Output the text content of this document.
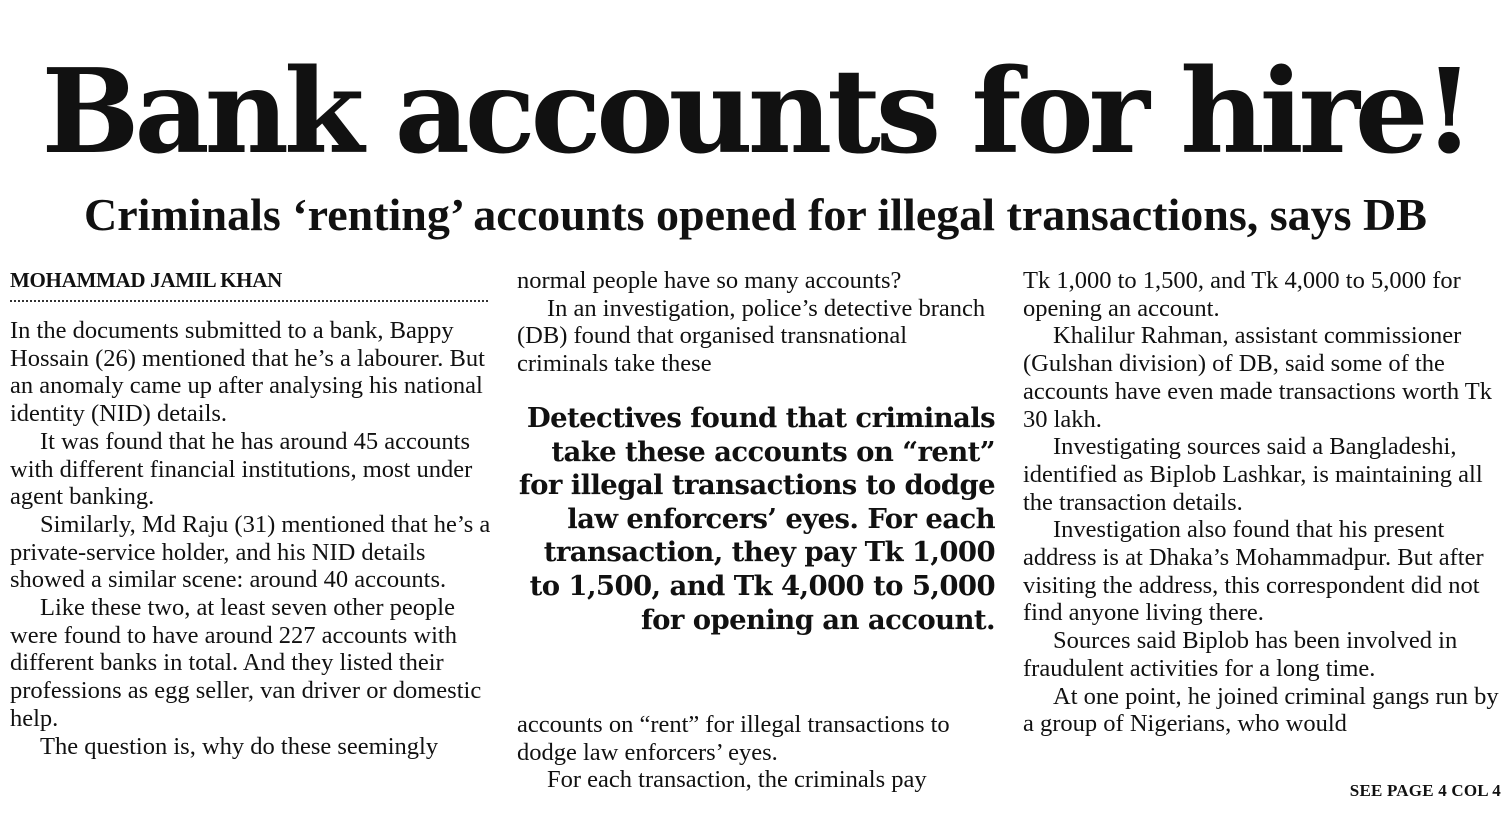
Bank accounts for hire!
Criminals ‘renting’ accounts opened for illegal transactions, says DB
MOHAMMAD JAMIL KHAN

In the documents submitted to a bank, Bappy Hossain (26) mentioned that he’s a labourer. But an anomaly came up after analysing his national identity (NID) details.

It was found that he has around 45 accounts with different financial institutions, most under agent banking.

Similarly, Md Raju (31) mentioned that he’s a private-service holder, and his NID details showed a similar scene: around 40 accounts.

Like these two, at least seven other people were found to have around 227 accounts with different banks in total. And they listed their professions as egg seller, van driver or domestic help.

The question is, why do these seemingly

normal people have so many accounts?

In an investigation, police’s detective branch (DB) found that organised transnational criminals take these

Detectives found that criminals take these accounts on “rent” for illegal transactions to dodge law enforcers’ eyes. For each transaction, they pay Tk 1,000 to 1,500, and Tk 4,000 to 5,000 for opening an account.

accounts on “rent” for illegal transactions to dodge law enforcers’ eyes.

For each transaction, the criminals pay

Tk 1,000 to 1,500, and Tk 4,000 to 5,000 for opening an account.

Khalilur Rahman, assistant commissioner (Gulshan division) of DB, said some of the accounts have even made transactions worth Tk 30 lakh.

Investigating sources said a Bangladeshi, identified as Biplob Lashkar, is maintaining all the transaction details.

Investigation also found that his present address is at Dhaka’s Mohammadpur. But after visiting the address, this correspondent did not find anyone living there.

Sources said Biplob has been involved in fraudulent activities for a long time.

At one point, he joined criminal gangs run by a group of Nigerians, who would

SEE PAGE 4 COL 4
